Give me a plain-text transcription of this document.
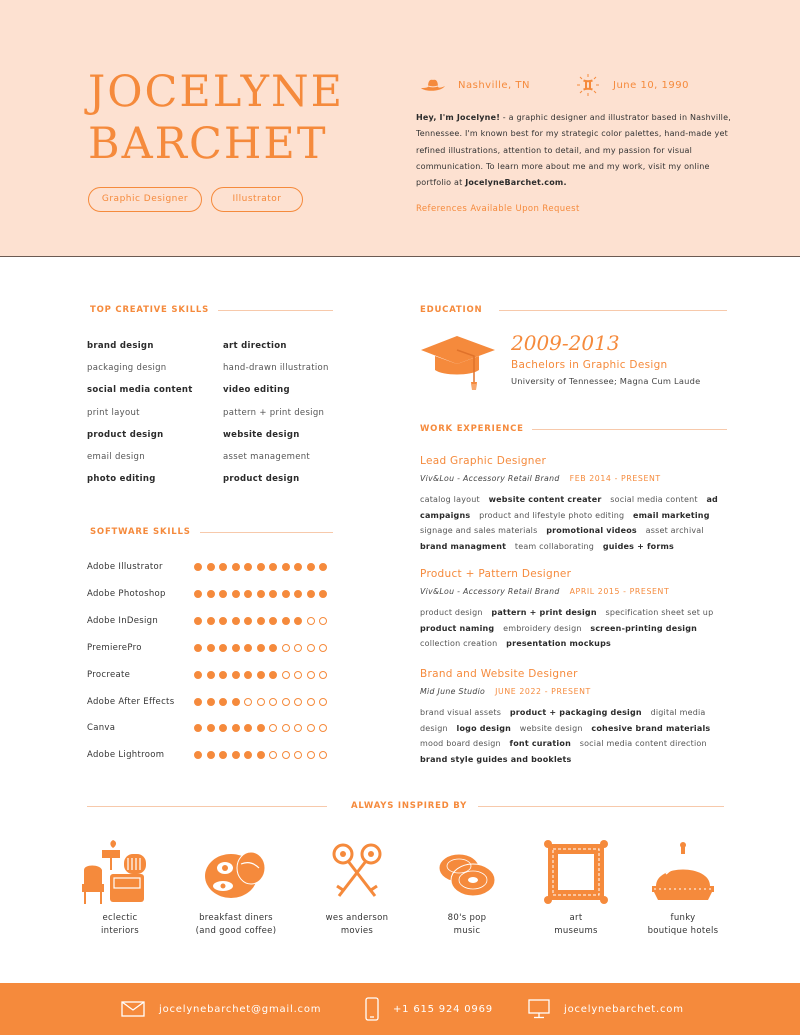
JOCELYNE
BARCHET
Graphic Designer	Illustrator
Nashville, TN	June 10, 1990
Hey, I'm Jocelyne! - a graphic designer and illustrator based in Nashville, Tennessee. I'm known best for my strategic color palettes, hand-made yet refined illustrations, attention to detail, and my passion for visual communication. To learn more about me and my work, visit my online portfolio at JocelyneBarchet.com.
References Available Upon Request
TOP CREATIVE SKILLS
brand design
packaging design
social media content
print layout
product design
email design
photo editing
art direction
hand-drawn illustration
video editing
pattern + print design
website design
asset management
product design
SOFTWARE SKILLS
Adobe Illustrator
Adobe Photoshop
Adobe InDesign
PremierePro
Procreate
Adobe After Effects
Canva
Adobe Lightroom
EDUCATION
2009-2013
Bachelors in Graphic Design
University of Tennessee; Magna Cum Laude
WORK EXPERIENCE
Lead Graphic Designer
Viv&Lou - Accessory Retail Brand FEB 2014 - PRESENT
catalog layout website content creater social media content ad campaigns product and lifestyle photo editing email marketing signage and sales materials promotional videos asset archival brand managment team collaborating guides + forms
Product + Pattern Designer
Viv&Lou - Accessory Retail Brand APRIL 2015 - PRESENT
product design pattern + print design specification sheet set up product naming embroidery design screen-printing design collection creation presentation mockups
Brand and Website Designer
Mid June Studio JUNE 2022 - PRESENT
brand visual assets product + packaging design digital media design logo design website design cohesive brand materials mood board design font curation social media content direction brand style guides and booklets
ALWAYS INSPIRED BY
eclectic
interiors
breakfast diners
(and good coffee)
wes anderson
movies
80's pop
music
art
museums
funky
boutique hotels
jocelynebarchet@gmail.com	+1 615 924 0969	jocelynebarchet.com
